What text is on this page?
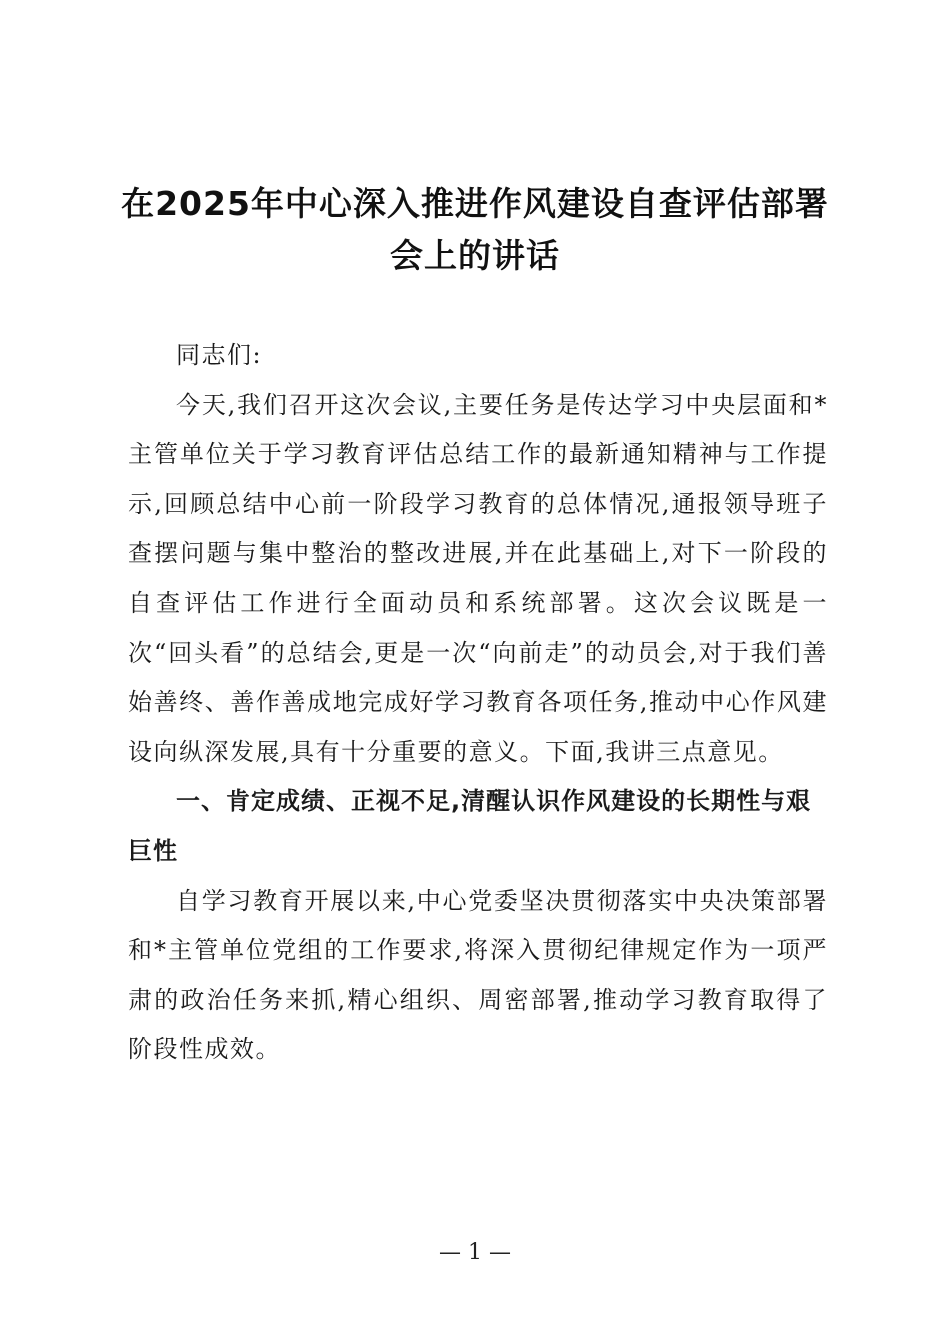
在2025年中心深入推进作风建设自查评估部署会上的讲话

同志们:

今天,我们召开这次会议,主要任务是传达学习中央层面和*主管单位关于学习教育评估总结工作的最新通知精神与工作提示,回顾总结中心前一阶段学习教育的总体情况,通报领导班子查摆问题与集中整治的整改进展,并在此基础上,对下一阶段的自查评估工作进行全面动员和系统部署。这次会议既是一次“回头看”的总结会,更是一次“向前走”的动员会,对于我们善始善终、善作善成地完成好学习教育各项任务,推动中心作风建设向纵深发展,具有十分重要的意义。下面,我讲三点意见。

一、肯定成绩、正视不足,清醒认识作风建设的长期性与艰巨性

自学习教育开展以来,中心党委坚决贯彻落实中央决策部署和*主管单位党组的工作要求,将深入贯彻纪律规定作为一项严肃的政治任务来抓,精心组织、周密部署,推动学习教育取得了阶段性成效。

— 1 —
